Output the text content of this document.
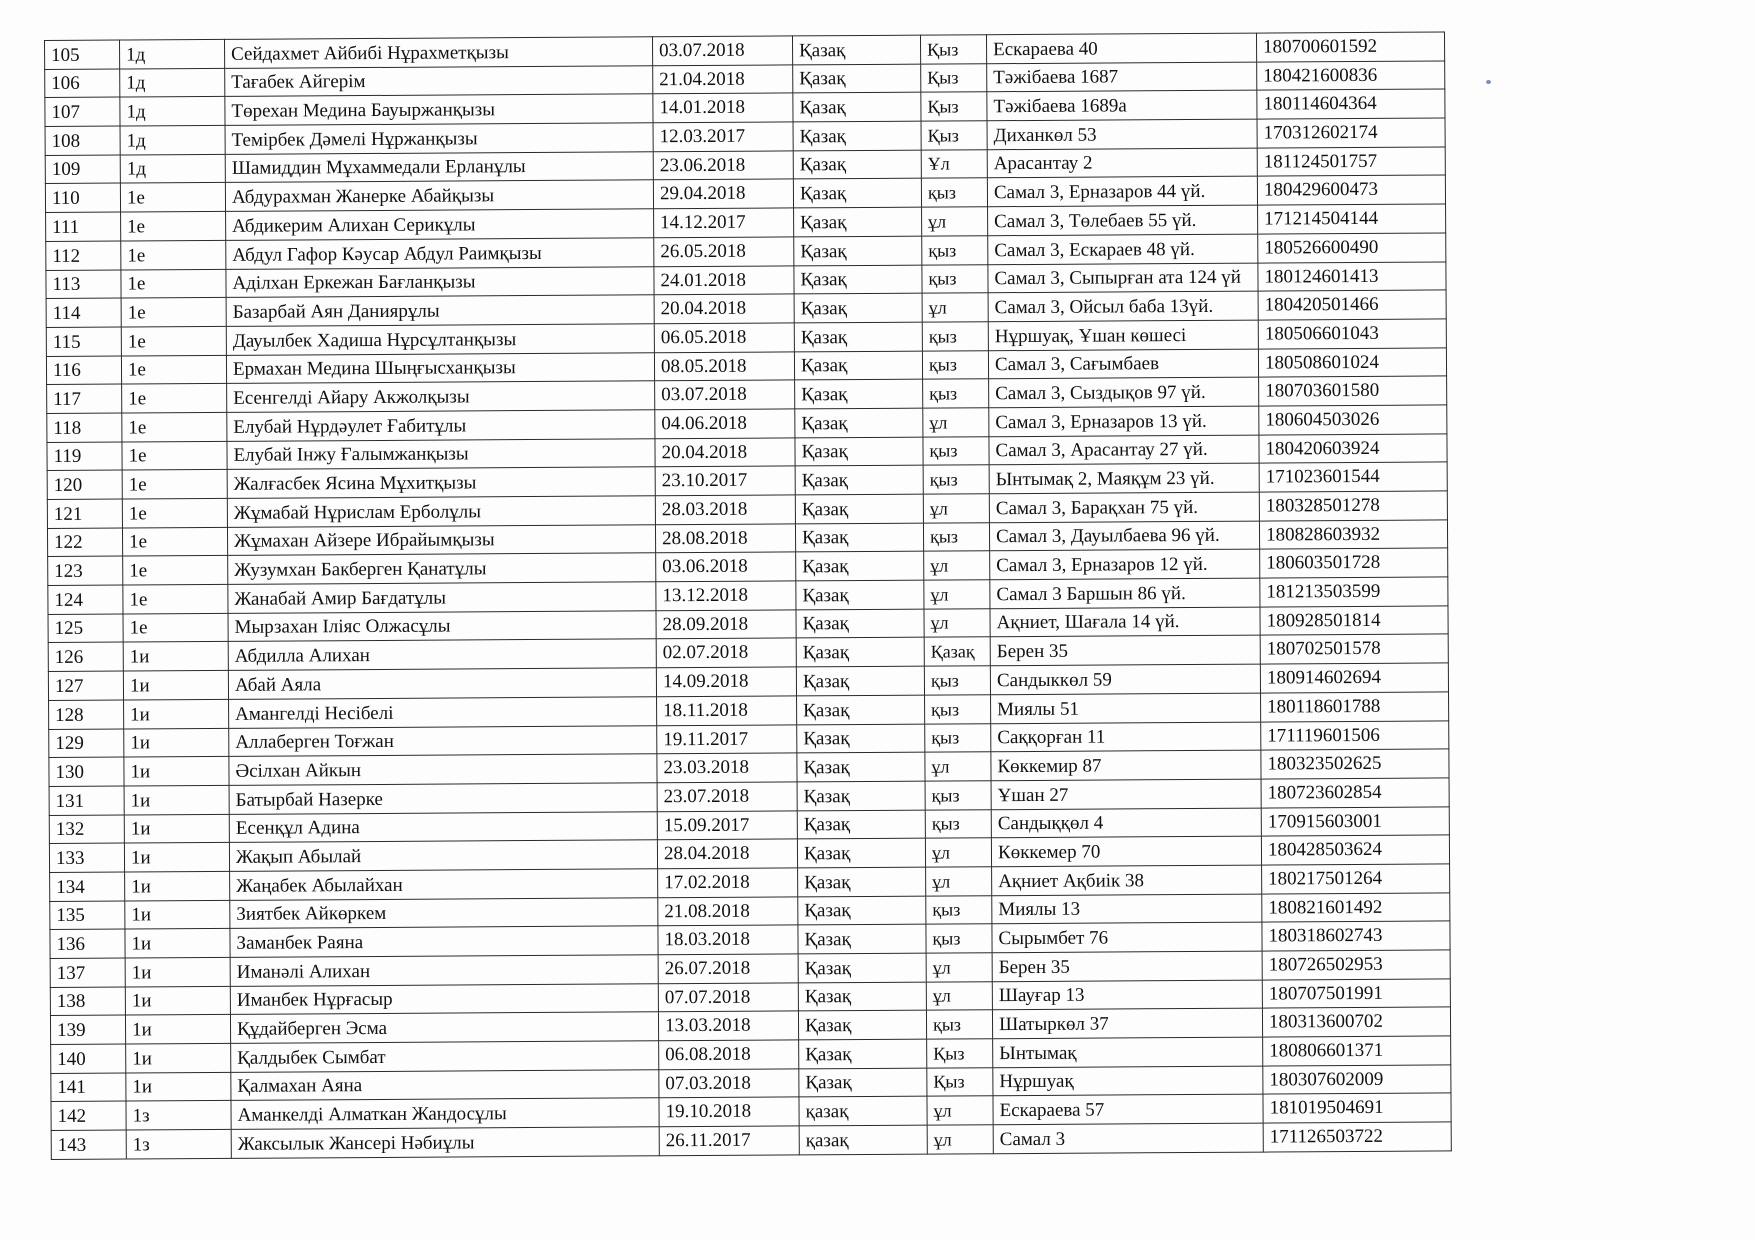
105	1д	Сейдахмет Айбибі Нұрахметқызы	03.07.2018	Қазақ	Қыз	Ескараева 40	180700601592
106	1д	Тағабек Айгерім	21.04.2018	Қазақ	Қыз	Тәжібаева 1687	180421600836
107	1д	Төрехан Медина Бауыржанқызы	14.01.2018	Қазақ	Қыз	Тәжібаева 1689а	180114604364
108	1д	Темірбек Дәмелі Нұржанқызы	12.03.2017	Қазақ	Қыз	Диханкөл 53	170312602174
109	1д	Шамиддин Мұхаммедали Ерланұлы	23.06.2018	Қазақ	Ұл	Арасантау 2	181124501757
110	1е	Абдурахман Жанерке Абайқызы	29.04.2018	Қазақ	қыз	Самал 3, Ерназаров 44 үй.	180429600473
111	1е	Абдикерим Алихан Серикұлы	14.12.2017	Қазақ	ұл	Самал 3, Төлебаев 55 үй.	171214504144
112	1е	Абдул Гафор Кәусар Абдул Раимқызы	26.05.2018	Қазақ	қыз	Самал 3, Ескараев 48 үй.	180526600490
113	1е	Аділхан Еркежан Бағланқызы	24.01.2018	Қазақ	қыз	Самал 3, Сыпырған ата 124 үй	180124601413
114	1е	Базарбай Аян Даниярұлы	20.04.2018	Қазақ	ұл	Самал 3, Ойсыл баба 13үй.	180420501466
115	1е	Дауылбек Хадиша Нұрсұлтанқызы	06.05.2018	Қазақ	қыз	Нұршуақ, Ұшан көшесі	180506601043
116	1е	Ермахан Медина Шыңғысханқызы	08.05.2018	Қазақ	қыз	Самал 3, Сағымбаев	180508601024
117	1е	Есенгелді Айару Акжолқызы	03.07.2018	Қазақ	қыз	Самал 3, Сыздықов 97 үй.	180703601580
118	1е	Елубай Нұрдәулет Ғабитұлы	04.06.2018	Қазақ	ұл	Самал 3, Ерназаров 13 үй.	180604503026
119	1е	Елубай Інжу Ғалымжанқызы	20.04.2018	Қазақ	қыз	Самал 3, Арасантау 27 үй.	180420603924
120	1е	Жалғасбек Ясина Мұхитқызы	23.10.2017	Қазақ	қыз	Ынтымақ 2, Маяқұм 23 үй.	171023601544
121	1е	Жұмабай Нұрислам Ерболұлы	28.03.2018	Қазақ	ұл	Самал 3, Барақхан 75 үй.	180328501278
122	1е	Жұмахан Айзере Ибрайымқызы	28.08.2018	Қазақ	қыз	Самал 3, Дауылбаева 96 үй.	180828603932
123	1е	Жузумхан Бакберген Қанатұлы	03.06.2018	Қазақ	ұл	Самал 3, Ерназаров 12 үй.	180603501728
124	1е	Жанабай Амир Бағдатұлы	13.12.2018	Қазақ	ұл	Самал 3 Баршын 86 үй.	181213503599
125	1е	Мырзахан Іліяс Олжасұлы	28.09.2018	Қазақ	ұл	Ақниет, Шағала 14 үй.	180928501814
126	1и	Абдилла Алихан	02.07.2018	Қазақ	Қазақ	Берен 35	180702501578
127	1и	Абай Аяла	14.09.2018	Қазақ	қыз	Сандыккөл 59	180914602694
128	1и	Амангелді Несібелі	18.11.2018	Қазақ	қыз	Миялы 51	180118601788
129	1и	Аллаберген Тоғжан	19.11.2017	Қазақ	қыз	Саққорған 11	171119601506
130	1и	Әсілхан Айкын	23.03.2018	Қазақ	ұл	Көккемир 87	180323502625
131	1и	Батырбай Назерке	23.07.2018	Қазақ	қыз	Ұшан 27	180723602854
132	1и	Есенқұл Адина	15.09.2017	Қазақ	қыз	Сандыққөл 4	170915603001
133	1и	Жақып Абылай	28.04.2018	Қазақ	ұл	Көккемер 70	180428503624
134	1и	Жаңабек Абылайхан	17.02.2018	Қазақ	ұл	Ақниет Ақбиік 38	180217501264
135	1и	Зиятбек Айкөркем	21.08.2018	Қазақ	қыз	Миялы 13	180821601492
136	1и	Заманбек Раяна	18.03.2018	Қазақ	қыз	Сырымбет 76	180318602743
137	1и	Иманәлі Алихан	26.07.2018	Қазақ	ұл	Берен 35	180726502953
138	1и	Иманбек Нұрғасыр	07.07.2018	Қазақ	ұл	Шауғар 13	180707501991
139	1и	Құдайберген Эсма	13.03.2018	Қазақ	қыз	Шатыркөл 37	180313600702
140	1и	Қалдыбек Сымбат	06.08.2018	Қазақ	Қыз	Ынтымақ	180806601371
141	1и	Қалмахан Аяна	07.03.2018	Қазақ	Қыз	Нұршуақ	180307602009
142	1з	Аманкелді Алматкан Жандосұлы	19.10.2018	қазақ	ұл	Ескараева 57	181019504691
143	1з	Жаксылык Жансері Нәбиұлы	26.11.2017	қазақ	ұл	Самал 3	171126503722
